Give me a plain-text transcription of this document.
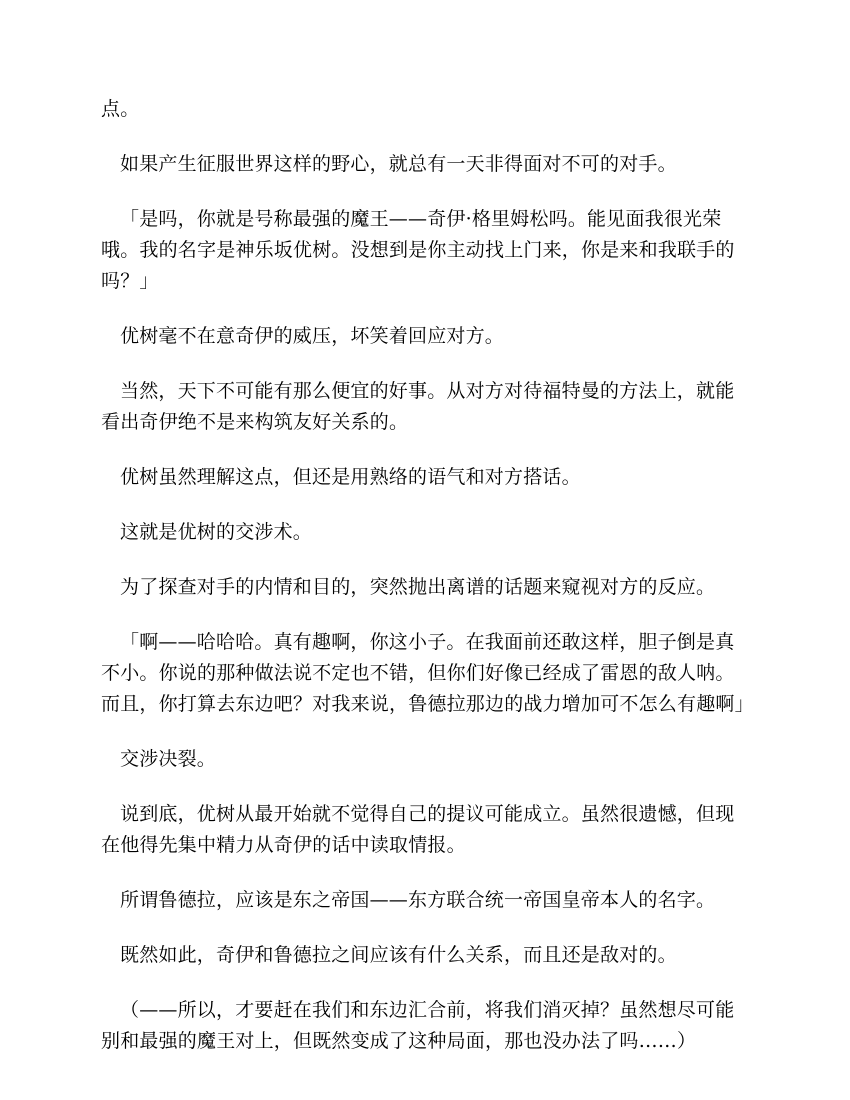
点。

如果产生征服世界这样的野心，就总有一天非得面对不可的对手。

「是吗，你就是号称最强的魔王——奇伊·格里姆松吗。能见面我很光荣哦。我的名字是神乐坂优树。没想到是你主动找上门来，你是来和我联手的吗？」

优树毫不在意奇伊的威压，坏笑着回应对方。

当然，天下不可能有那么便宜的好事。从对方对待福特曼的方法上，就能看出奇伊绝不是来构筑友好关系的。

优树虽然理解这点，但还是用熟络的语气和对方搭话。

这就是优树的交涉术。

为了探查对手的内情和目的，突然抛出离谱的话题来窥视对方的反应。

「啊——哈哈哈。真有趣啊，你这小子。在我面前还敢这样，胆子倒是真不小。你说的那种做法说不定也不错，但你们好像已经成了雷恩的敌人呐。而且，你打算去东边吧？对我来说，鲁德拉那边的战力增加可不怎么有趣啊」

交涉决裂。

说到底，优树从最开始就不觉得自己的提议可能成立。虽然很遗憾，但现在他得先集中精力从奇伊的话中读取情报。

所谓鲁德拉，应该是东之帝国——东方联合统一帝国皇帝本人的名字。

既然如此，奇伊和鲁德拉之间应该有什么关系，而且还是敌对的。

（——所以，才要赶在我们和东边汇合前，将我们消灭掉？虽然想尽可能别和最强的魔王对上，但既然变成了这种局面，那也没办法了吗……）
